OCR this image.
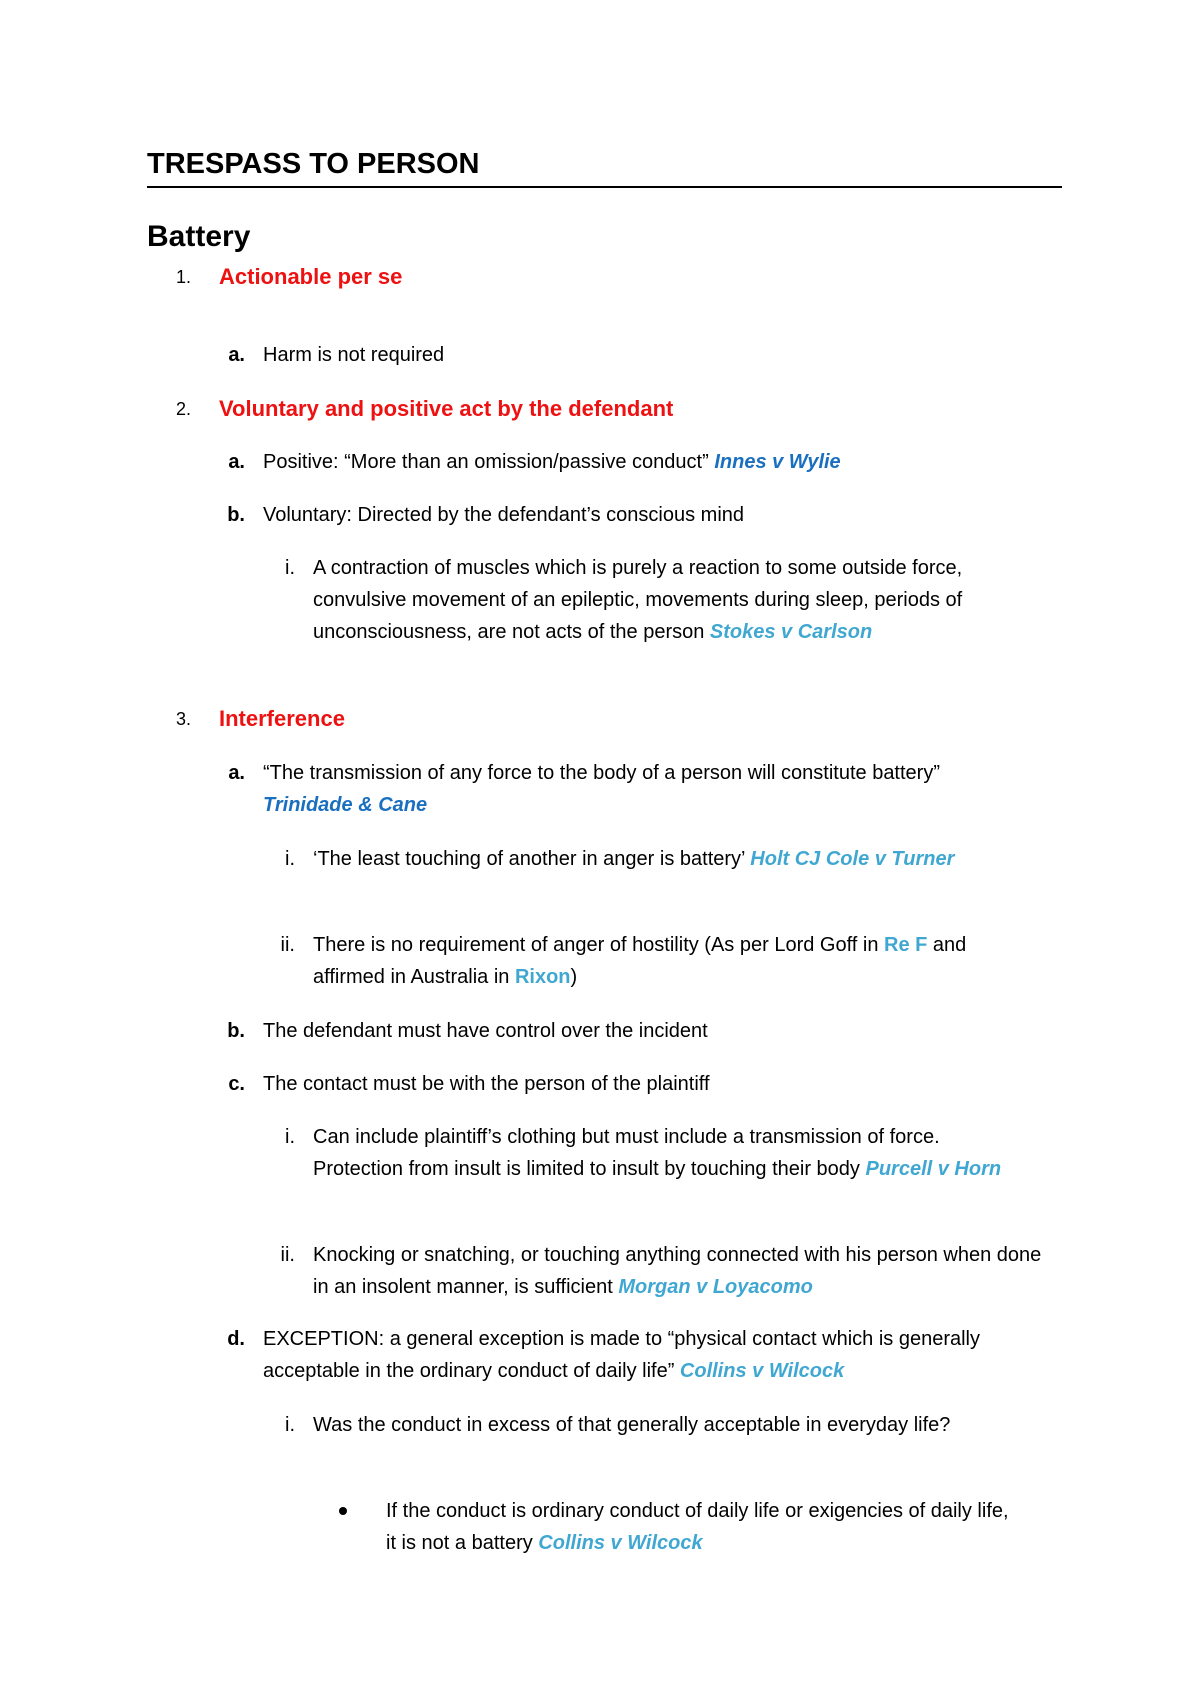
TRESPASS TO PERSON
Battery
1. Actionable per se
a. Harm is not required
2. Voluntary and positive act by the defendant
a. Positive: “More than an omission/passive conduct” Innes v Wylie
b. Voluntary: Directed by the defendant’s conscious mind
i. A contraction of muscles which is purely a reaction to some outside force, convulsive movement of an epileptic, movements during sleep, periods of unconsciousness, are not acts of the person Stokes v Carlson
3. Interference
a. “The transmission of any force to the body of a person will constitute battery” Trinidade & Cane
i. ‘The least touching of another in anger is battery’ Holt CJ Cole v Turner
ii. There is no requirement of anger of hostility (As per Lord Goff in Re F and affirmed in Australia in Rixon)
b. The defendant must have control over the incident
c. The contact must be with the person of the plaintiff
i. Can include plaintiff’s clothing but must include a transmission of force. Protection from insult is limited to insult by touching their body Purcell v Horn
ii. Knocking or snatching, or touching anything connected with his person when done in an insolent manner, is sufficient Morgan v Loyacomo
d. EXCEPTION: a general exception is made to “physical contact which is generally acceptable in the ordinary conduct of daily life” Collins v Wilcock
i. Was the conduct in excess of that generally acceptable in everyday life?
If the conduct is ordinary conduct of daily life or exigencies of daily life, it is not a battery Collins v Wilcock
